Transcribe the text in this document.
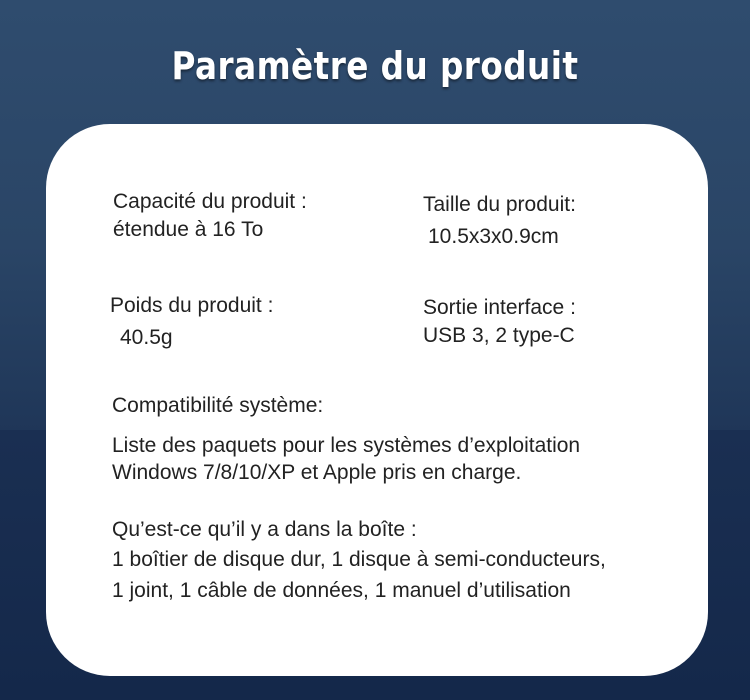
Paramètre du produit
Capacité du produit :
étendue à 16 To
Taille du produit:
10.5x3x0.9cm
Poids du produit :
40.5g
Sortie interface :
USB 3, 2 type-C
Compatibilité système:
Liste des paquets pour les systèmes d’exploitation
Windows 7/8/10/XP et Apple pris en charge.
Qu’est-ce qu’il y a dans la boîte :
1 boîtier de disque dur, 1 disque à semi-conducteurs,
1 joint, 1 câble de données, 1 manuel d’utilisation
